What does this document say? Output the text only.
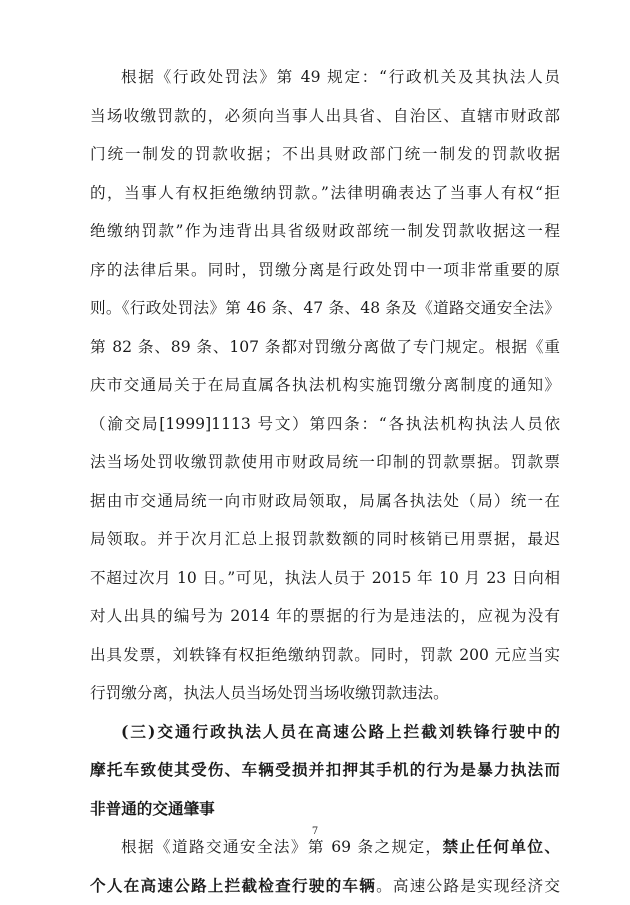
根据《行政处罚法》第 49 规定：“行政机关及其执法人员
当场收缴罚款的，必须向当事人出具省、自治区、直辖市财政部
门统一制发的罚款收据；不出具财政部门统一制发的罚款收据
的，当事人有权拒绝缴纳罚款。”法律明确表达了当事人有权“拒
绝缴纳罚款”作为违背出具省级财政部统一制发罚款收据这一程
序的法律后果。同时，罚缴分离是行政处罚中一项非常重要的原
则。《行政处罚法》第 46 条、47 条、48 条及《道路交通安全法》
第 82 条、89 条、107 条都对罚缴分离做了专门规定。根据《重
庆市交通局关于在局直属各执法机构实施罚缴分离制度的通知》
（渝交局[1999]1113 号文）第四条：“各执法机构执法人员依
法当场处罚收缴罚款使用市财政局统一印制的罚款票据。罚款票
据由市交通局统一向市财政局领取，局属各执法处（局）统一在
局领取。并于次月汇总上报罚款数额的同时核销已用票据，最迟
不超过次月 10 日。”可见，执法人员于 2015 年 10 月 23 日向相
对人出具的编号为 2014 年的票据的行为是违法的，应视为没有
出具发票，刘轶锋有权拒绝缴纳罚款。同时，罚款 200 元应当实
行罚缴分离，执法人员当场处罚当场收缴罚款违法。
(三)交通行政执法人员在高速公路上拦截刘轶锋行驶中的
摩托车致使其受伤、车辆受损并扣押其手机的行为是暴力执法而
非普通的交通肇事
根据《道路交通安全法》第 69 条之规定，禁止任何单位、
个人在高速公路上拦截检查行驶的车辆。高速公路是实现经济交
7
